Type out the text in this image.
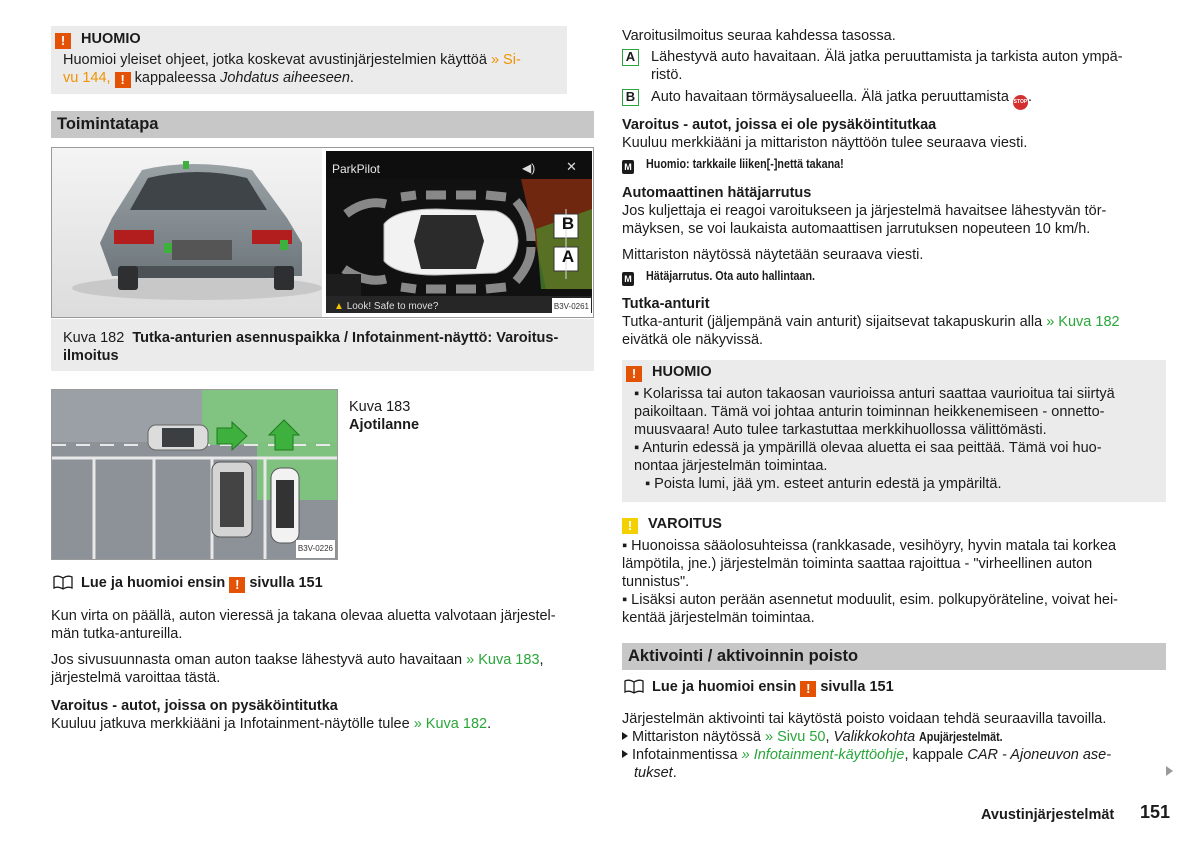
! HUOMIO
Huomioi yleiset ohjeet, jotka koskevat avustinjärjestelmien käyttöä » Si-
vu 144, ! kappaleessa Johdatus aiheeseen.
Toimintatapa
ParkPilot	◀) ✕
B
A
▲ Look! Safe to move?	B3V-0261
Kuva 182 Tutka-anturien asennuspaikka / Infotainment-näyttö: Varoitus-
ilmoitus
B3V-0226
Kuva 183
Ajotilanne
Lue ja huomioi ensin ! sivulla 151
Kun virta on päällä, auton vieressä ja takana olevaa aluetta valvotaan järjestel-
män tutka-antureilla.
Jos sivusuunnasta oman auton taakse lähestyvä auto havaitaan » Kuva 183,
järjestelmä varoittaa tästä.
Varoitus - autot, joissa on pysäköintitutka
Kuuluu jatkuva merkkiääni ja Infotainment-näytölle tulee » Kuva 182.
Varoitusilmoitus seuraa kahdessa tasossa.
A Lähestyvä auto havaitaan. Älä jatka peruuttamista ja tarkista auton ympä-
ristö.
B Auto havaitaan törmäysalueella. Älä jatka peruuttamista STOP.
Varoitus - autot, joissa ei ole pysäköintitutkaa
Kuuluu merkkiääni ja mittariston näyttöön tulee seuraava viesti.
M Huomio: tarkkaile liiken[-]nettä takana!
Automaattinen hätäjarrutus
Jos kuljettaja ei reagoi varoitukseen ja järjestelmä havaitsee lähestyvän tör-
mäyksen, se voi laukaista automaattisen jarrutuksen nopeuteen 10 km/h.
Mittariston näytössä näytetään seuraava viesti.
M Hätäjarrutus. Ota auto hallintaan.
Tutka-anturit
Tutka-anturit (jäljempänä vain anturit) sijaitsevat takapuskurin alla » Kuva 182
eivätkä ole näkyvissä.
! HUOMIO
▪ Kolarissa tai auton takaosan vaurioissa anturi saattaa vaurioitua tai siirtyä
paikoiltaan. Tämä voi johtaa anturin toiminnan heikkenemiseen - onnetto-
muusvaara! Auto tulee tarkastuttaa merkkihuollossa välittömästi.
▪ Anturin edessä ja ympärillä olevaa aluetta ei saa peittää. Tämä voi huo-
nontaa järjestelmän toimintaa.
▪ Poista lumi, jää ym. esteet anturin edestä ja ympäriltä.
! VAROITUS
▪ Huonoissa sääolosuhteissa (rankkasade, vesihöyry, hyvin matala tai korkea
lämpötila, jne.) järjestelmän toiminta saattaa rajoittua - "virheellinen auton
tunnistus".
▪ Lisäksi auton perään asennetut moduulit, esim. polkupyöräteline, voivat hei-
kentää järjestelmän toimintaa.
Aktivointi / aktivoinnin poisto
Lue ja huomioi ensin ! sivulla 151
Järjestelmän aktivointi tai käytöstä poisto voidaan tehdä seuraavilla tavoilla.
Mittariston näytössä » Sivu 50, Valikkokohta Apujärjestelmät.
Infotainmentissa » Infotainment-käyttöohje, kappale CAR - Ajoneuvon ase-
tukset.
Avustinjärjestelmät 151
